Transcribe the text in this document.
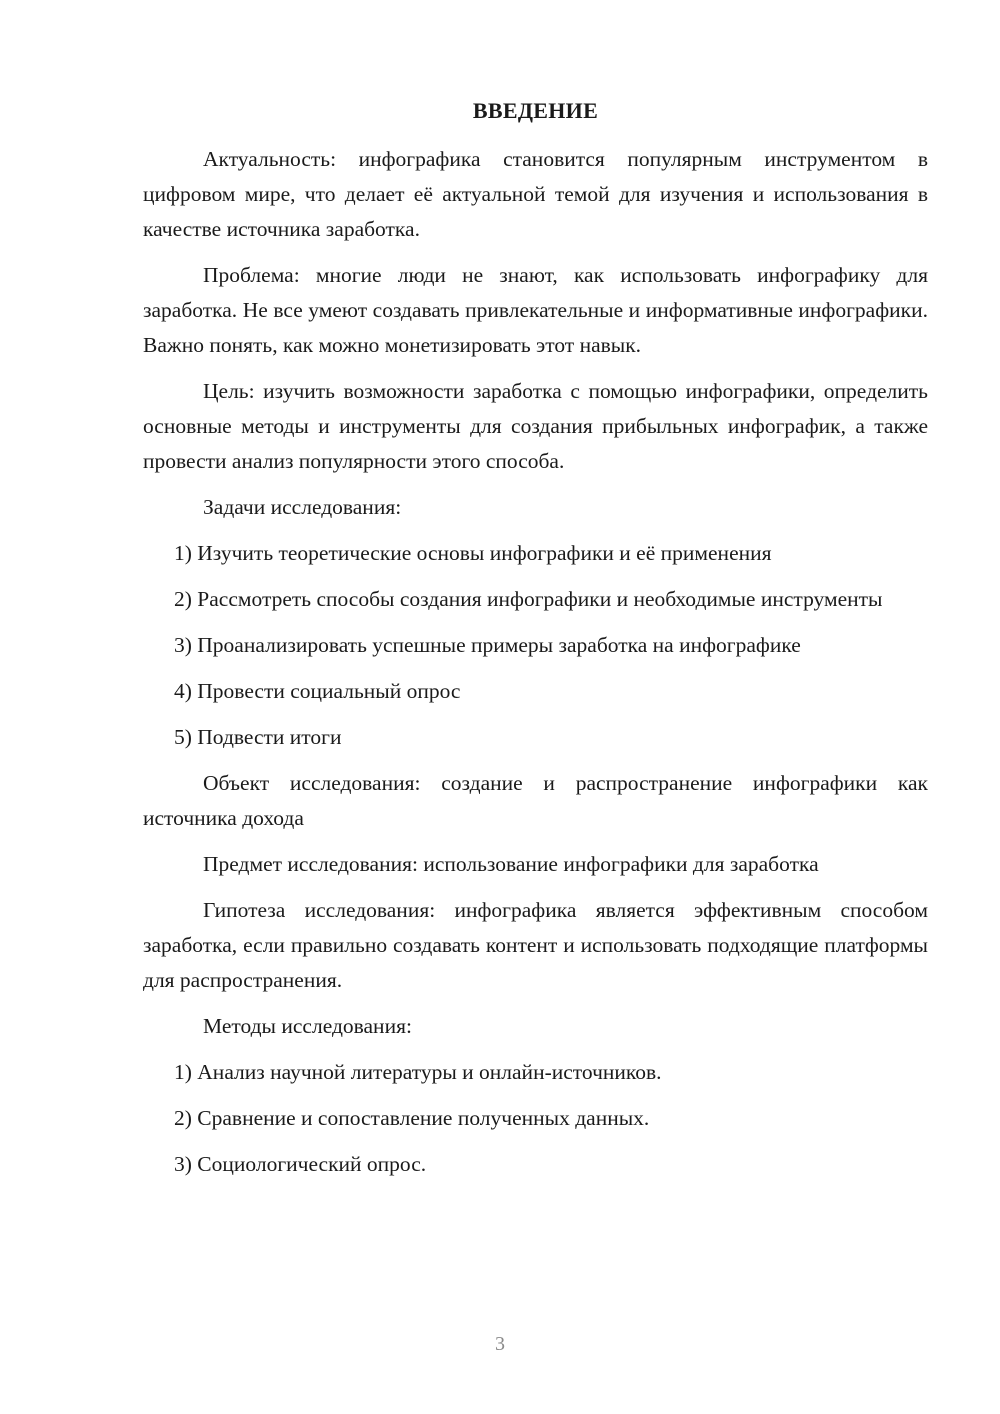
ВВЕДЕНИЕ

Актуальность: инфографика становится популярным инструментом в цифровом мире, что делает её актуальной темой для изучения и использования в качестве источника заработка.

Проблема: многие люди не знают, как использовать инфографику для заработка. Не все умеют создавать привлекательные и информативные инфографики. Важно понять, как можно монетизировать этот навык.

Цель: изучить возможности заработка с помощью инфографики, определить основные методы и инструменты для создания прибыльных инфографик, а также провести анализ популярности этого способа.

Задачи исследования:

1) Изучить теоретические основы инфографики и её применения

2) Рассмотреть способы создания инфографики и необходимые инструменты

3) Проанализировать успешные примеры заработка на инфографике

4) Провести социальный опрос

5) Подвести итоги

Объект исследования: создание и распространение инфографики как источника дохода

Предмет исследования: использование инфографики для заработка

Гипотеза исследования: инфографика является эффективным способом заработка, если правильно создавать контент и использовать подходящие платформы для распространения.

Методы исследования:

1) Анализ научной литературы и онлайн-источников.

2) Сравнение и сопоставление полученных данных.

3) Социологический опрос.

3
